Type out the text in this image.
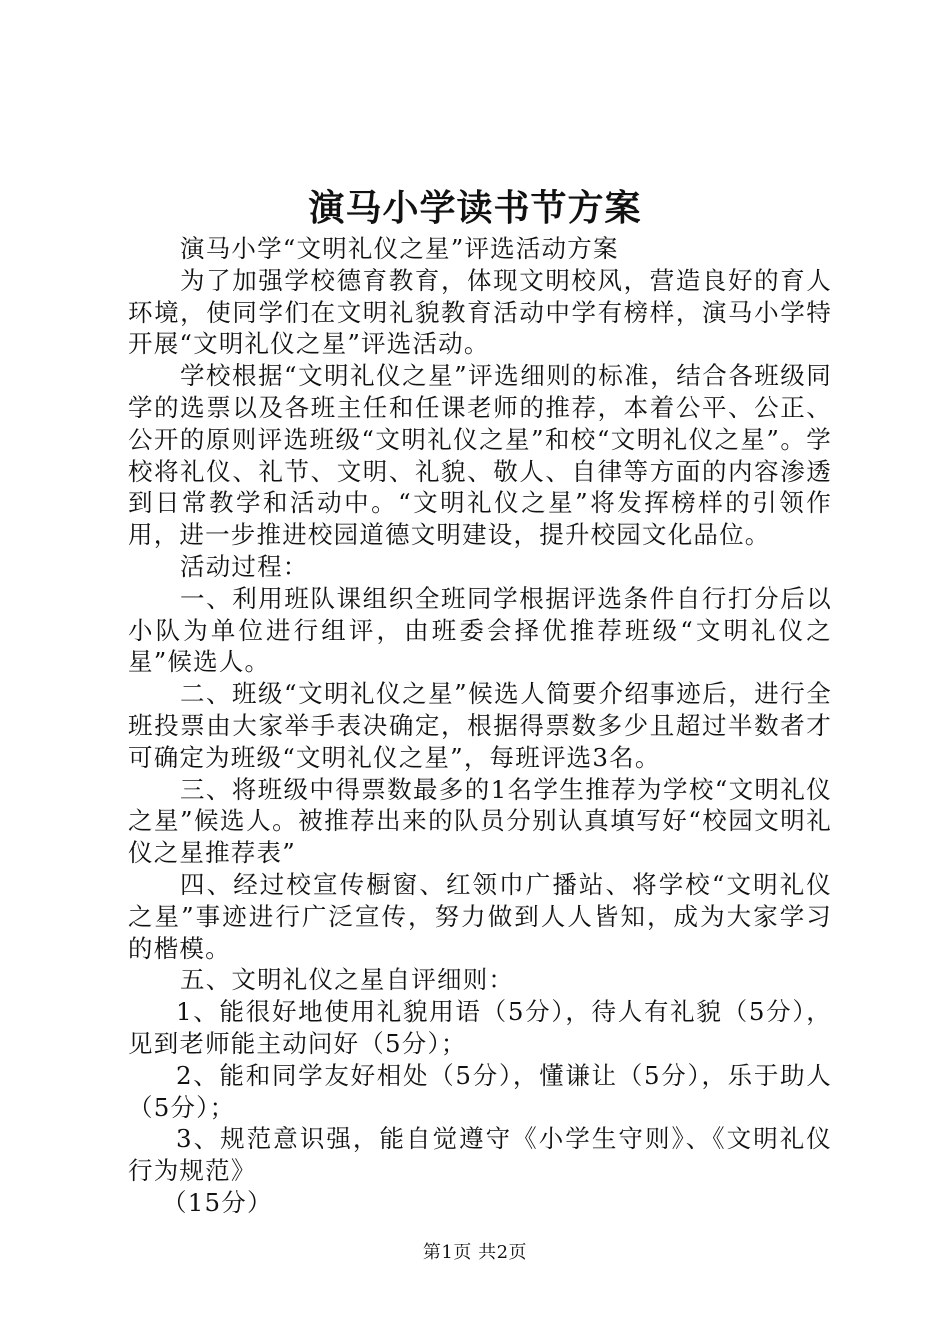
演马小学读书节方案

演马小学“文明礼仪之星”评选活动方案

为了加强学校德育教育，体现文明校风，营造良好的育人环境，使同学们在文明礼貌教育活动中学有榜样，演马小学特开展“文明礼仪之星”评选活动。

学校根据“文明礼仪之星”评选细则的标准，结合各班级同学的选票以及各班主任和任课老师的推荐，本着公平、公正、公开的原则评选班级“文明礼仪之星”和校“文明礼仪之星”。学校将礼仪、礼节、文明、礼貌、敬人、自律等方面的内容渗透到日常教学和活动中。“文明礼仪之星”将发挥榜样的引领作用，进一步推进校园道德文明建设，提升校园文化品位。

活动过程：

一、利用班队课组织全班同学根据评选条件自行打分后以小队为单位进行组评，由班委会择优推荐班级“文明礼仪之星”候选人。

二、班级“文明礼仪之星”候选人简要介绍事迹后，进行全班投票由大家举手表决确定，根据得票数多少且超过半数者才可确定为班级“文明礼仪之星”，每班评选3名。

三、将班级中得票数最多的1名学生推荐为学校“文明礼仪之星”候选人。被推荐出来的队员分别认真填写好“校园文明礼仪之星推荐表”

四、经过校宣传橱窗、红领巾广播站、将学校“文明礼仪之星”事迹进行广泛宣传，努力做到人人皆知，成为大家学习的楷模。

五、文明礼仪之星自评细则：

1、能很好地使用礼貌用语（5分），待人有礼貌（5分），见到老师能主动问好（5分）；

2、能和同学友好相处（5分），懂谦让（5分），乐于助人（5分）；

3、规范意识强，能自觉遵守《小学生守则》、《文明礼仪行为规范》

（15分）

第1页 共2页
